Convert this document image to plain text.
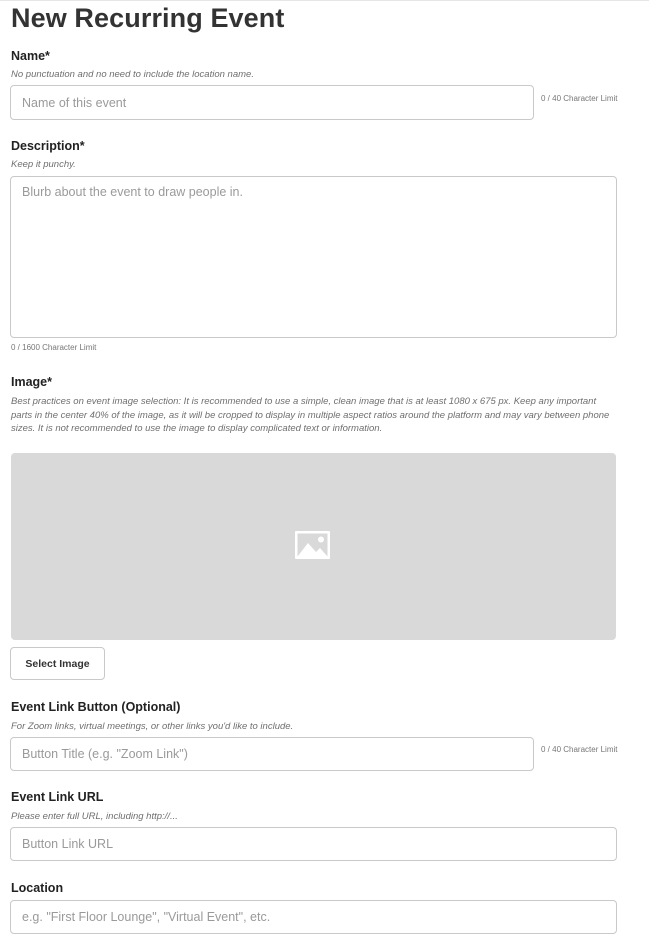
New Recurring Event
Name*
No punctuation and no need to include the location name.
Name of this event
0 / 40 Character Limit
Description*
Keep it punchy.
Blurb about the event to draw people in.
0 / 1600 Character Limit
Image*
Best practices on event image selection: It is recommended to use a simple, clean image that is at least 1080 x 675 px. Keep any important parts in the center 40% of the image, as it will be cropped to display in multiple aspect ratios around the platform and may vary between phone sizes. It is not recommended to use the image to display complicated text or information.
Select Image
Event Link Button (Optional)
For Zoom links, virtual meetings, or other links you'd like to include.
Button Title (e.g. "Zoom Link")
0 / 40 Character Limit
Event Link URL
Please enter full URL, including http://...
Button Link URL
Location
e.g. "First Floor Lounge", "Virtual Event", etc.
